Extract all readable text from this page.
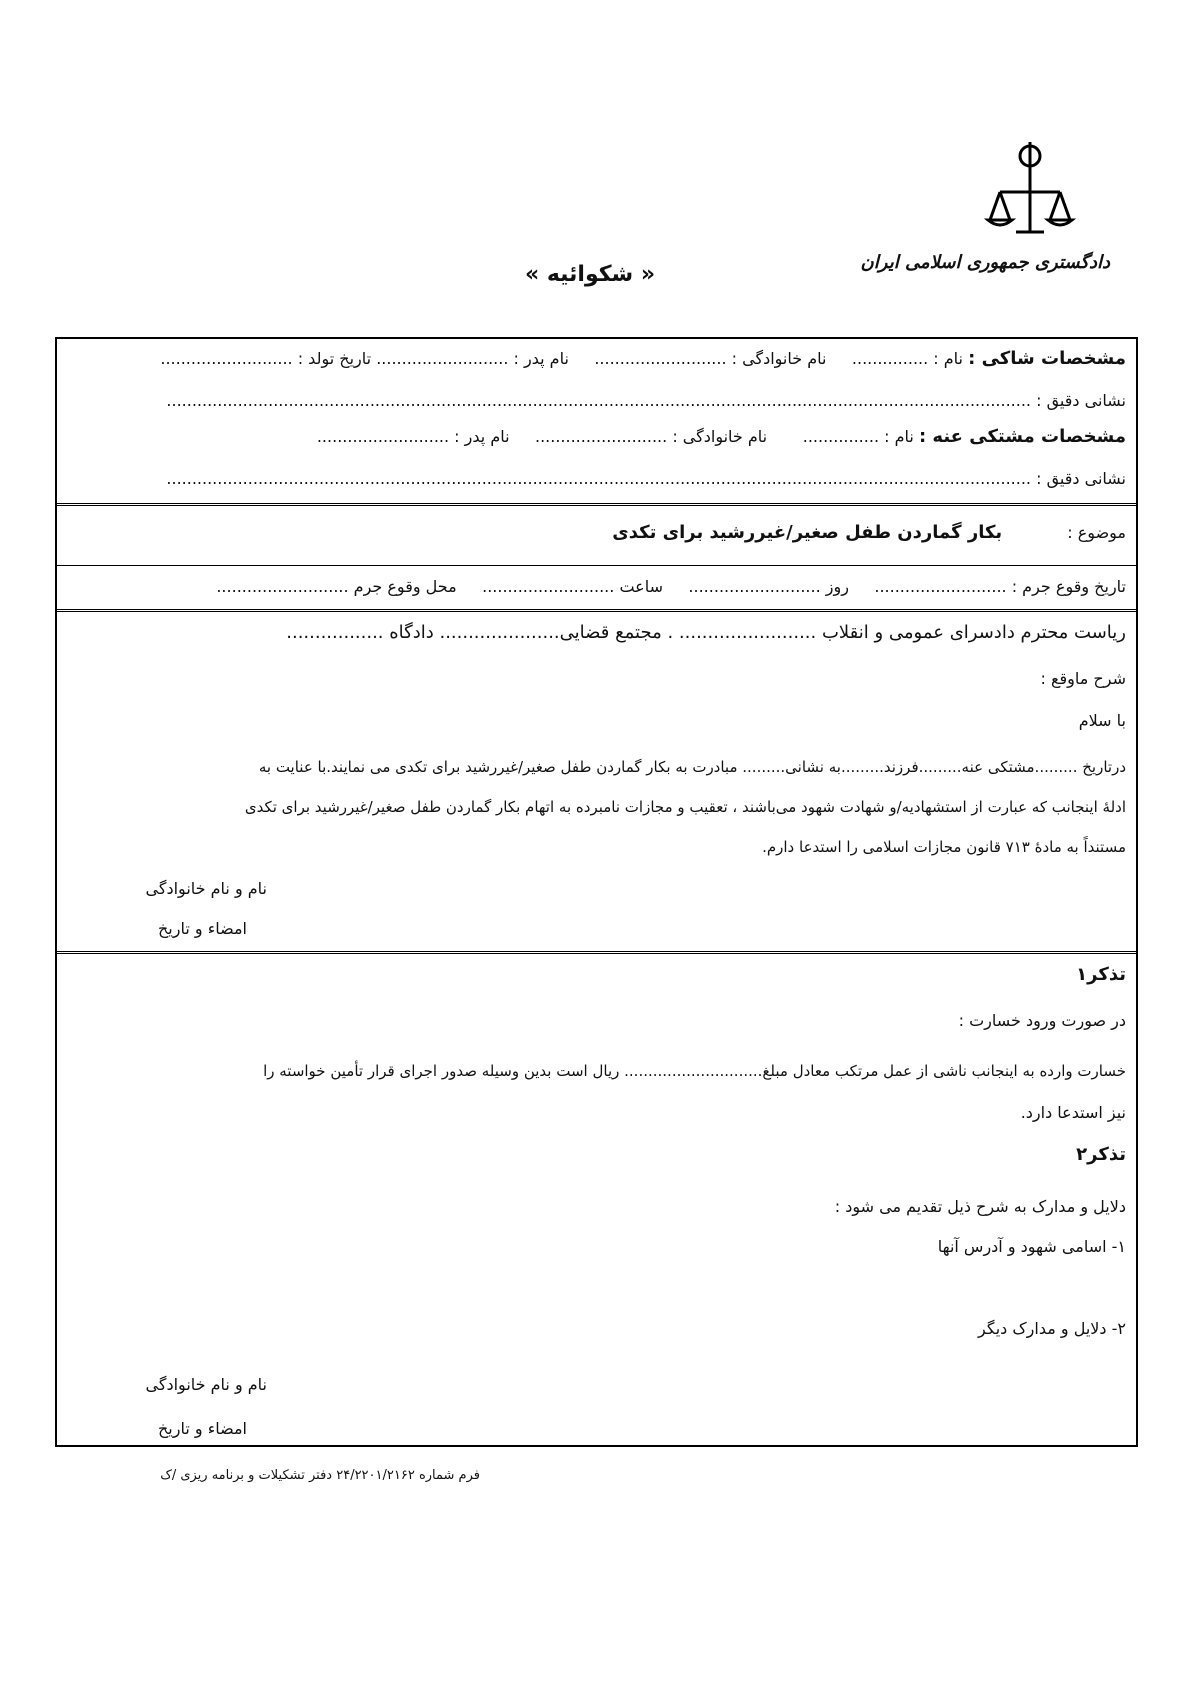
دادگستری جمهوری اسلامی ایران
« شکوائیه »
مشخصات شاکی : نام : ...............     نام خانوادگی : ..........................     نام پدر : .......................... تاریخ تولد : ..........................
نشانی دقیق : ..........................................................................................................................................................................
مشخصات مشتکی عنه : نام : ...............       نام خانوادگی : ..........................     نام پدر : ..........................
نشانی دقیق : ..........................................................................................................................................................................
موضوع : بکار گماردن طفل صغیر/غیررشید برای تکدی
تاریخ وقوع جرم : ..........................     روز ..........................     ساعت ..........................     محل وقوع جرم ..........................
ریاست محترم دادسرای عمومی و انقلاب ........................ . مجتمع قضایی..................... دادگاه .................
شرح ماوقع :
با سلام
درتاریخ .........مشتکی عنه.........فرزند.........به نشانی......... مبادرت به بکار گماردن طفل صغیر/غیررشید برای تکدی می نمایند.با عنایت به
ادلۀ اینجانب که عبارت از استشهادیه/و شهادت شهود می‌باشند ، تعقیب و مجازات نامبرده به اتهام بکار گماردن طفل صغیر/غیررشید برای تکدی
مستنداً به مادۀ ۷۱۳ قانون مجازات اسلامی را استدعا دارم.
نام و نام خانوادگی
امضاء و تاریخ
تذکر۱
در صورت ورود خسارت :
خسارت وارده به اینجانب ناشی از عمل مرتکب معادل مبلغ............................. ریال است بدین وسیله صدور اجرای قرار تأمین خواسته را
نیز استدعا دارد.
تذکر۲
دلایل و مدارک به شرح ذیل تقدیم می شود :
۱- اسامی شهود و آدرس آنها
۲- دلایل و مدارک دیگر
نام و نام خانوادگی
امضاء و تاریخ
فرم شماره ۲۴/۲۲۰۱/۲۱۶۲ دفتر تشکیلات و برنامه ریزی /ک
